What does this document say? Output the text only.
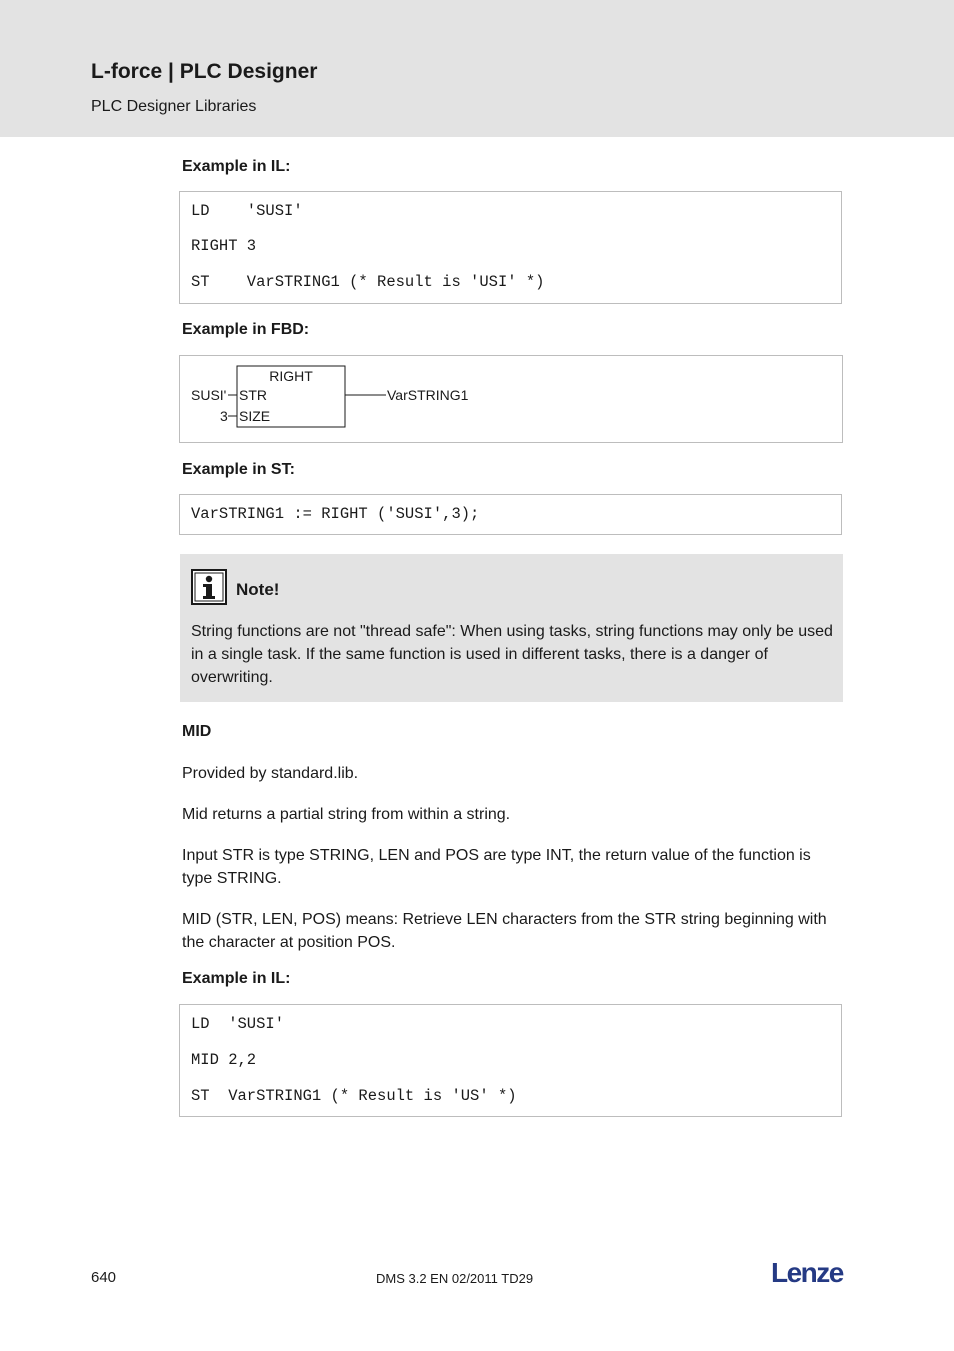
L-force | PLC Designer
PLC Designer Libraries
Example in IL:
LD    'SUSI'
RIGHT 3
ST    VarSTRING1 (* Result is 'USI' *)
Example in FBD:
RIGHT
SUSI' STR
3 SIZE
VarSTRING1
Example in ST:
VarSTRING1 := RIGHT ('SUSI',3);
Note!
String functions are not "thread safe": When using tasks, string functions may only be used in a single task. If the same function is used in different tasks, there is a danger of overwriting.
MID
Provided by standard.lib.
Mid returns a partial string from within a string.
Input STR is type STRING, LEN and POS are type INT, the return value of the function is type STRING.
MID (STR, LEN, POS) means: Retrieve LEN characters from the STR string beginning with the character at position POS.
Example in IL:
LD  'SUSI'
MID 2,2
ST  VarSTRING1 (* Result is 'US' *)
640	DMS 3.2 EN 02/2011 TD29	Lenze
